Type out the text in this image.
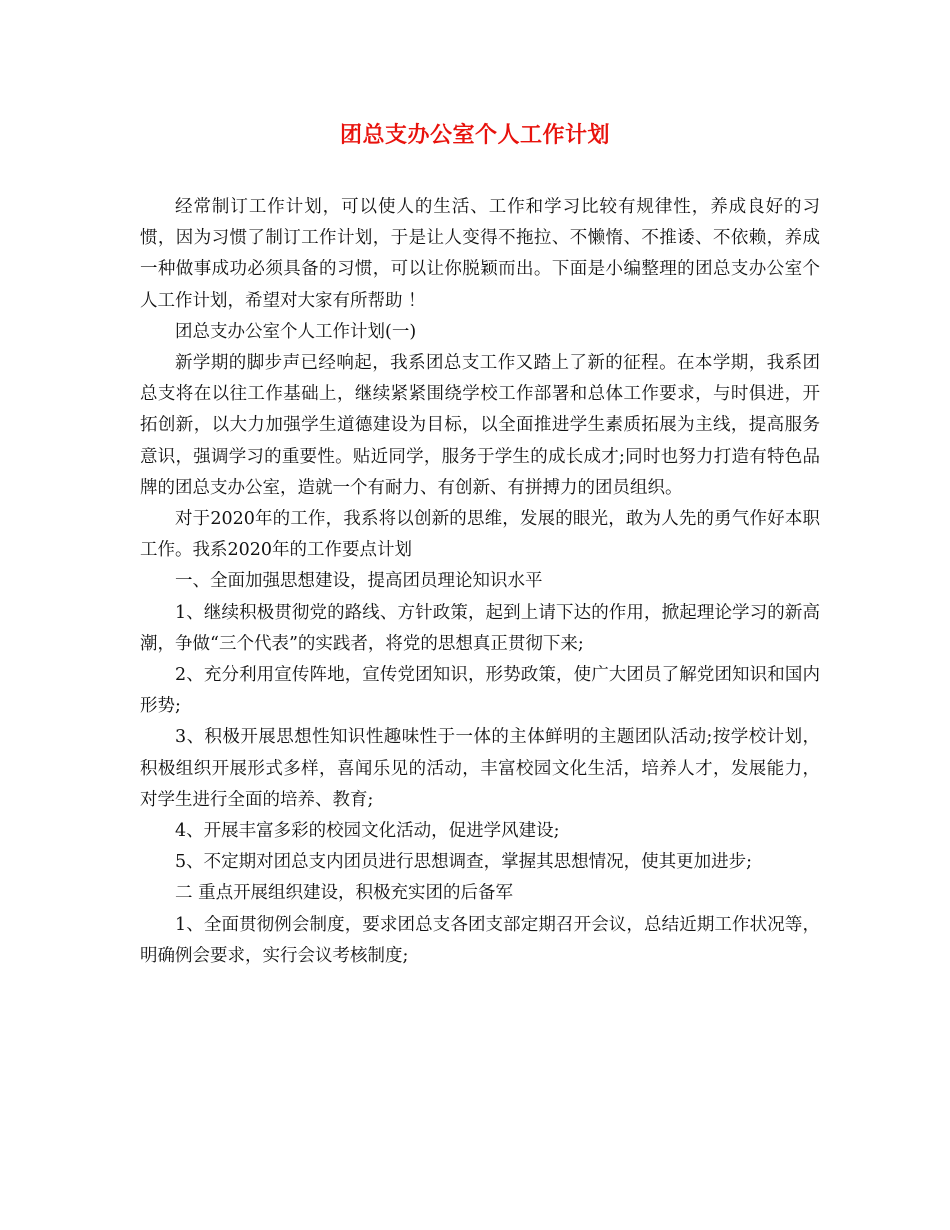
团总支办公室个人工作计划

经常制订工作计划，可以使人的生活、工作和学习比较有规律性，养成良好的习惯，因为习惯了制订工作计划，于是让人变得不拖拉、不懒惰、不推诿、不依赖，养成一种做事成功必须具备的习惯，可以让你脱颖而出。下面是小编整理的团总支办公室个人工作计划，希望对大家有所帮助 ！

团总支办公室个人工作计划(一)

新学期的脚步声已经响起，我系团总支工作又踏上了新的征程。在本学期，我系团总支将在以往工作基础上，继续紧紧围绕学校工作部署和总体工作要求，与时俱进，开拓创新，以大力加强学生道德建设为目标，以全面推进学生素质拓展为主线，提高服务意识，强调学习的重要性。贴近同学，服务于学生的成长成才;同时也努力打造有特色品牌的团总支办公室，造就一个有耐力、有创新、有拼搏力的团员组织。

对于2020年的工作，我系将以创新的思维，发展的眼光，敢为人先的勇气作好本职工作。我系2020年的工作要点计划

一、全面加强思想建设，提高团员理论知识水平

1、继续积极贯彻党的路线、方针政策，起到上请下达的作用，掀起理论学习的新高潮，争做“三个代表”的实践者，将党的思想真正贯彻下来;

2、充分利用宣传阵地，宣传党团知识，形势政策，使广大团员了解党团知识和国内形势;

3、积极开展思想性知识性趣味性于一体的主体鲜明的主题团队活动;按学校计划，积极组织开展形式多样，喜闻乐见的活动，丰富校园文化生活，培养人才，发展能力，对学生进行全面的培养、教育;

4、开展丰富多彩的校园文化活动，促进学风建设;

5、不定期对团总支内团员进行思想调查，掌握其思想情况，使其更加进步;

二 重点开展组织建设，积极充实团的后备军

1、全面贯彻例会制度，要求团总支各团支部定期召开会议，总结近期工作状况等，明确例会要求，实行会议考核制度;
